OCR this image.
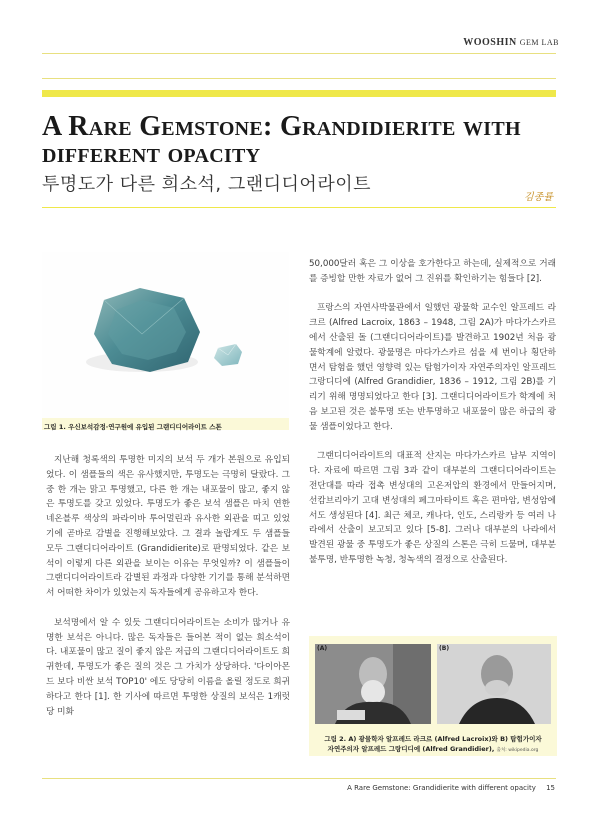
WOOSHIN GEM LAB
A Rare Gemstone: Grandidierite with different opacity
투명도가 다른 희소석, 그랜디디어라이트
김종률
그림 1. 우신보석감정·연구원에 유입된 그랜디디어라이트 스톤

지난해 청록색의 투명한 미지의 보석 두 개가 본원으로 유입되었다. 이 샘플들의 색은 유사했지만, 투명도는 극명히 달랐다. 그 중 한 개는 맑고 투명했고, 다른 한 개는 내포물이 많고, 좋지 않은 투명도를 갖고 있었다. 투명도가 좋은 보석 샘플은 마치 연한 네온블루 색상의 파라이바 투어멀린과 유사한 외관을 띠고 있었기에 곧바로 감별을 진행해보았다. 그 결과 놀랍게도 두 샘플들 모두 그랜디디어라이트 (Grandidierite)로 판명되었다. 같은 보석이 이렇게 다른 외관을 보이는 이유는 무엇일까? 이 샘플들이 그랜디디어라이트라 감별된 과정과 다양한 기기를 통해 분석하면서 어떠한 차이가 있었는지 독자들에게 공유하고자 한다.

보석명에서 알 수 있듯 그랜디디어라이트는 소비가 많거나 유명한 보석은 아니다. 많은 독자들은 들어본 적이 없는 희소석이다. 내포물이 많고 질이 좋지 않은 저급의 그랜디디어라이트도 희귀한데, 투명도가 좋은 질의 것은 그 가치가 상당하다. '다이아몬드 보다 비싼 보석 TOP10' 에도 당당히 이름을 올릴 정도로 희귀하다고 한다 [1]. 한 기사에 따르면 투명한 상질의 보석은 1캐럿당 미화

50,000달러 혹은 그 이상을 호가한다고 하는데, 실제적으로 거래를 증빙할 만한 자료가 없어 그 진위를 확인하기는 힘들다 [2].

프랑스의 자연사박물관에서 일했던 광물학 교수인 알프레드 라크르 (Alfred Lacroix, 1863 – 1948, 그림 2A)가 마다가스카르에서 산출된 돌 (그랜디디어라이트)를 발견하고 1902년 처음 광물학계에 알렸다. 광물명은 마다가스카르 섬을 세 번이나 횡단하면서 탐험을 했던 영향력 있는 탐험가이자 자연주의자인 알프레드 그랑디디에 (Alfred Grandidier, 1836 – 1912, 그림 2B)를 기리기 위해 명명되었다고 한다 [3]. 그랜디디어라이트가 학계에 처음 보고된 것은 불투명 또는 반투명하고 내포물이 많은 하급의 광물 샘플이었다고 한다.

그랜디디어라이트의 대표적 산지는 마다가스카르 남부 지역이다. 자료에 따르면 그림 3과 같이 대부분의 그랜디디어라이트는 전단대를 따라 접촉 변성대의 고온저압의 환경에서 만들어지며, 선캄브리아기 고대 변성대의 페그마타이트 혹은 편마암, 변성암에서도 생성된다 [4]. 최근 체코, 캐나다, 인도, 스리랑카 등 여러 나라에서 산출이 보고되고 있다 [5-8]. 그러나 대부분의 나라에서 발견된 광물 중 투명도가 좋은 상질의 스톤은 극히 드물며, 대부분 불투명, 반투명한 녹청, 청녹색의 결정으로 산출된다.

(A)	(B)
그림 2. A) 광물학자 알프레드 라크르 (Alfred Lacroix)와 B) 탐험가이자
자연주의자 알프레드 그랑디디에 (Alfred Grandidier), 출처: wikipedia.org
A Rare Gemstone: Grandidierite with different opacity 15
